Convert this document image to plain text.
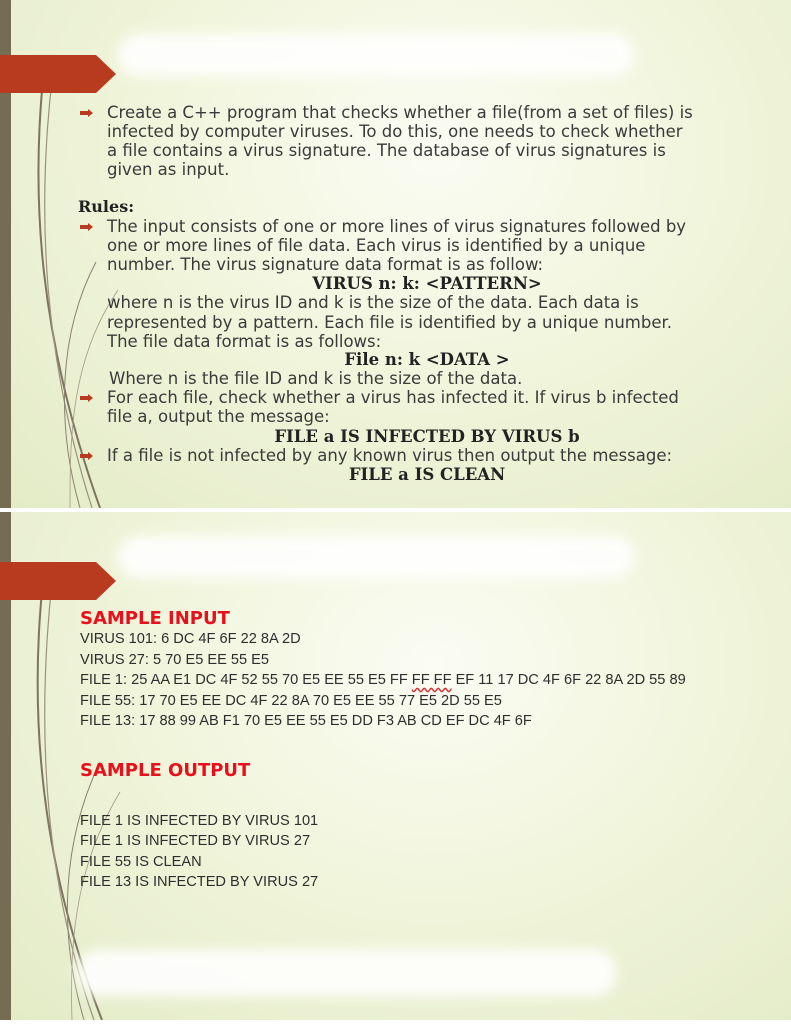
Create a C++ program that checks whether a file(from a set of files) is
infected by computer viruses. To do this, one needs to check whether
a file contains a virus signature. The database of virus signatures is
given as input.
Rules:
The input consists of one or more lines of virus signatures followed by
one or more lines of file data. Each virus is identified by a unique
number. The virus signature data format is as follow:
VIRUS n: k: <PATTERN>
where n is the virus ID and k is the size of the data. Each data is
represented by a pattern. Each file is identified by a unique number.
The file data format is as follows:
File n: k <DATA >
Where n is the file ID and k is the size of the data.
For each file, check whether a virus has infected it. If virus b infected
file a, output the message:
FILE a IS INFECTED BY VIRUS b
If a file is not infected by any known virus then output the message:
FILE a IS CLEAN
SAMPLE INPUT
VIRUS 101: 6 DC 4F 6F 22 8A 2D
VIRUS 27: 5 70 E5 EE 55 E5
FILE 1: 25 AA E1 DC 4F 52 55 70 E5 EE 55 E5 FF FF FF EF 11 17 DC 4F 6F 22 8A 2D 55 89
FILE 55: 17 70 E5 EE DC 4F 22 8A 70 E5 EE 55 77 E5 2D 55 E5
FILE 13: 17 88 99 AB F1 70 E5 EE 55 E5 DD F3 AB CD EF DC 4F 6F
SAMPLE OUTPUT
FILE 1 IS INFECTED BY VIRUS 101
FILE 1 IS INFECTED BY VIRUS 27
FILE 55 IS CLEAN
FILE 13 IS INFECTED BY VIRUS 27
